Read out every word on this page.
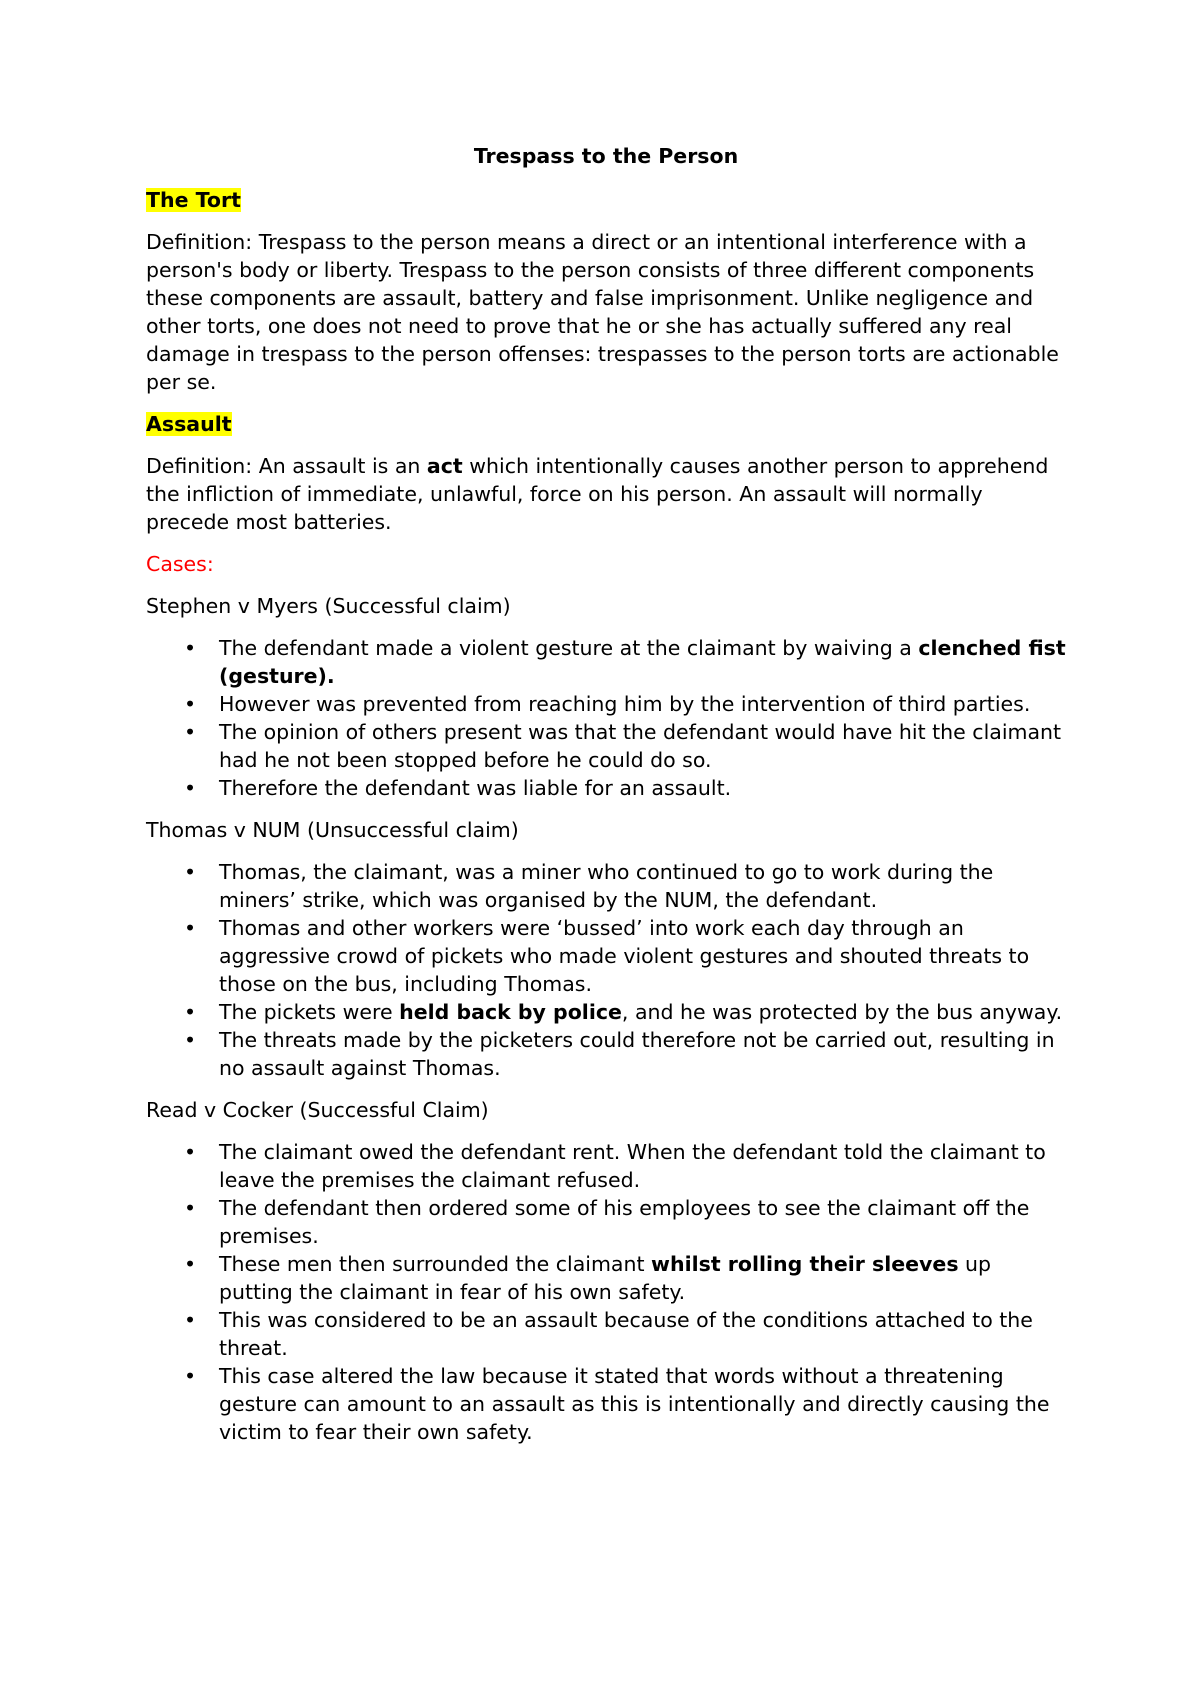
Trespass to the Person
The Tort

Definition: Trespass to the person means a direct or an intentional interference with a person's body or liberty. Trespass to the person consists of three different components these components are assault, battery and false imprisonment. Unlike negligence and other torts, one does not need to prove that he or she has actually suffered any real damage in trespass to the person offenses: trespasses to the person torts are actionable per se.

Assault

Definition: An assault is an act which intentionally causes another person to apprehend the infliction of immediate, unlawful, force on his person. An assault will normally precede most batteries.

Cases:

Stephen v Myers (Successful claim)

• The defendant made a violent gesture at the claimant by waiving a clenched fist (gesture).
• However was prevented from reaching him by the intervention of third parties.
• The opinion of others present was that the defendant would have hit the claimant had he not been stopped before he could do so.
• Therefore the defendant was liable for an assault.

Thomas v NUM (Unsuccessful claim)

• Thomas, the claimant, was a miner who continued to go to work during the miners’ strike, which was organised by the NUM, the defendant.
• Thomas and other workers were ‘bussed’ into work each day through an aggressive crowd of pickets who made violent gestures and shouted threats to those on the bus, including Thomas.
• The pickets were held back by police, and he was protected by the bus anyway.
• The threats made by the picketers could therefore not be carried out, resulting in no assault against Thomas.

Read v Cocker (Successful Claim)

• The claimant owed the defendant rent. When the defendant told the claimant to leave the premises the claimant refused.
• The defendant then ordered some of his employees to see the claimant off the premises.
• These men then surrounded the claimant whilst rolling their sleeves up putting the claimant in fear of his own safety.
• This was considered to be an assault because of the conditions attached to the threat.
• This case altered the law because it stated that words without a threatening gesture can amount to an assault as this is intentionally and directly causing the victim to fear their own safety.
